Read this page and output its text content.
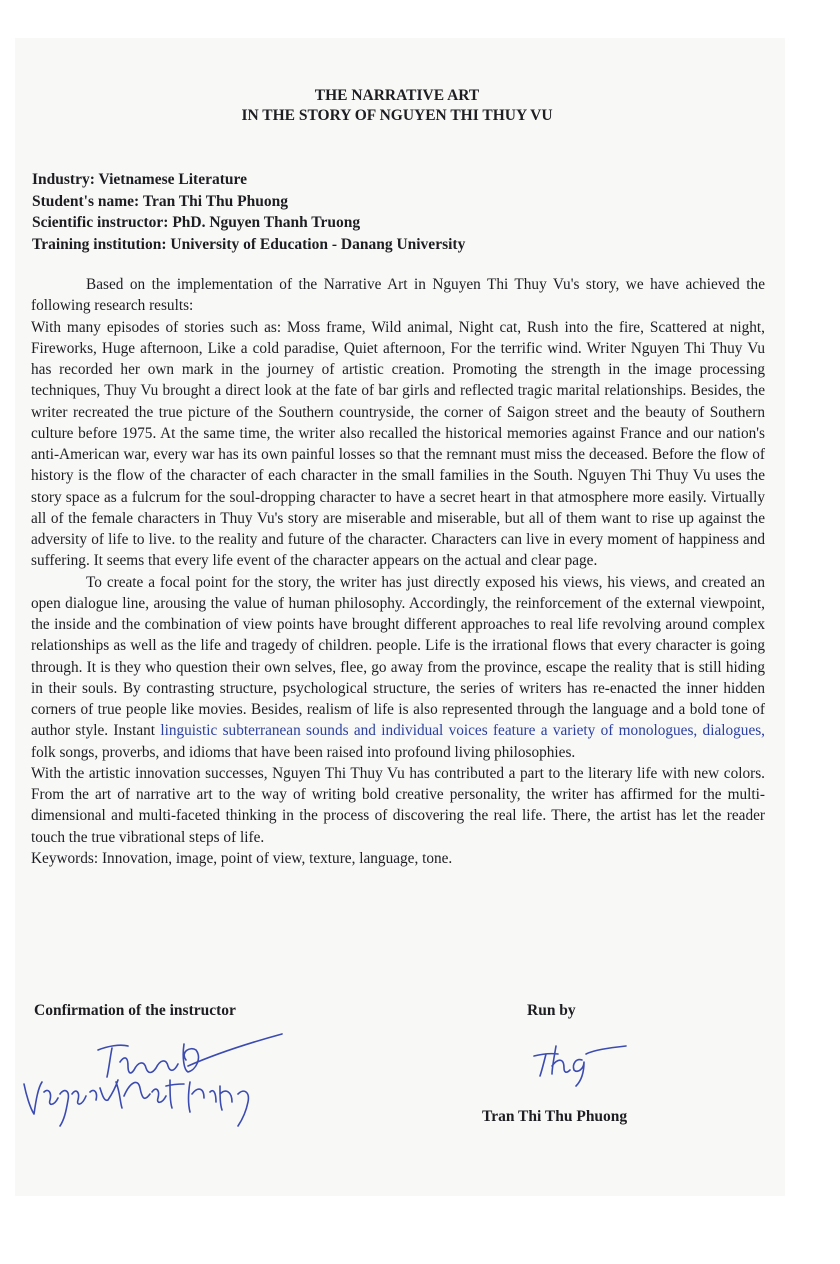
THE NARRATIVE ART
IN THE STORY OF NGUYEN THI THUY VU
Industry: Vietnamese Literature
Student's name: Tran Thi Thu Phuong
Scientific instructor: PhD. Nguyen Thanh Truong
Training institution: University of Education - Danang University

Based on the implementation of the Narrative Art in Nguyen Thi Thuy Vu's story, we have achieved the following research results:

With many episodes of stories such as: Moss frame, Wild animal, Night cat, Rush into the fire, Scattered at night, Fireworks, Huge afternoon, Like a cold paradise, Quiet afternoon, For the terrific wind. Writer Nguyen Thi Thuy Vu has recorded her own mark in the journey of artistic creation. Promoting the strength in the image processing techniques, Thuy Vu brought a direct look at the fate of bar girls and reflected tragic marital relationships. Besides, the writer recreated the true picture of the Southern countryside, the corner of Saigon street and the beauty of Southern culture before 1975. At the same time, the writer also recalled the historical memories against France and our nation's anti-American war, every war has its own painful losses so that the remnant must miss the deceased. Before the flow of history is the flow of the character of each character in the small families in the South. Nguyen Thi Thuy Vu uses the story space as a fulcrum for the soul-dropping character to have a secret heart in that atmosphere more easily. Virtually all of the female characters in Thuy Vu's story are miserable and miserable, but all of them want to rise up against the adversity of life to live. to the reality and future of the character. Characters can live in every moment of happiness and suffering. It seems that every life event of the character appears on the actual and clear page.

To create a focal point for the story, the writer has just directly exposed his views, his views, and created an open dialogue line, arousing the value of human philosophy. Accordingly, the reinforcement of the external viewpoint, the inside and the combination of view points have brought different approaches to real life revolving around complex relationships as well as the life and tragedy of children. people. Life is the irrational flows that every character is going through. It is they who question their own selves, flee, go away from the province, escape the reality that is still hiding in their souls. By contrasting structure, psychological structure, the series of writers has re-enacted the inner hidden corners of true people like movies. Besides, realism of life is also represented through the language and a bold tone of author style. Instant linguistic subterranean sounds and individual voices feature a variety of monologues, dialogues, folk songs, proverbs, and idioms that have been raised into profound living philosophies.

With the artistic innovation successes, Nguyen Thi Thuy Vu has contributed a part to the literary life with new colors. From the art of narrative art to the way of writing bold creative personality, the writer has affirmed for the multi-dimensional and multi-faceted thinking in the process of discovering the real life. There, the artist has let the reader touch the true vibrational steps of life.

Keywords: Innovation, image, point of view, texture, language, tone.

Confirmation of the instructor	Run by
Tran Thi Thu Phuong
